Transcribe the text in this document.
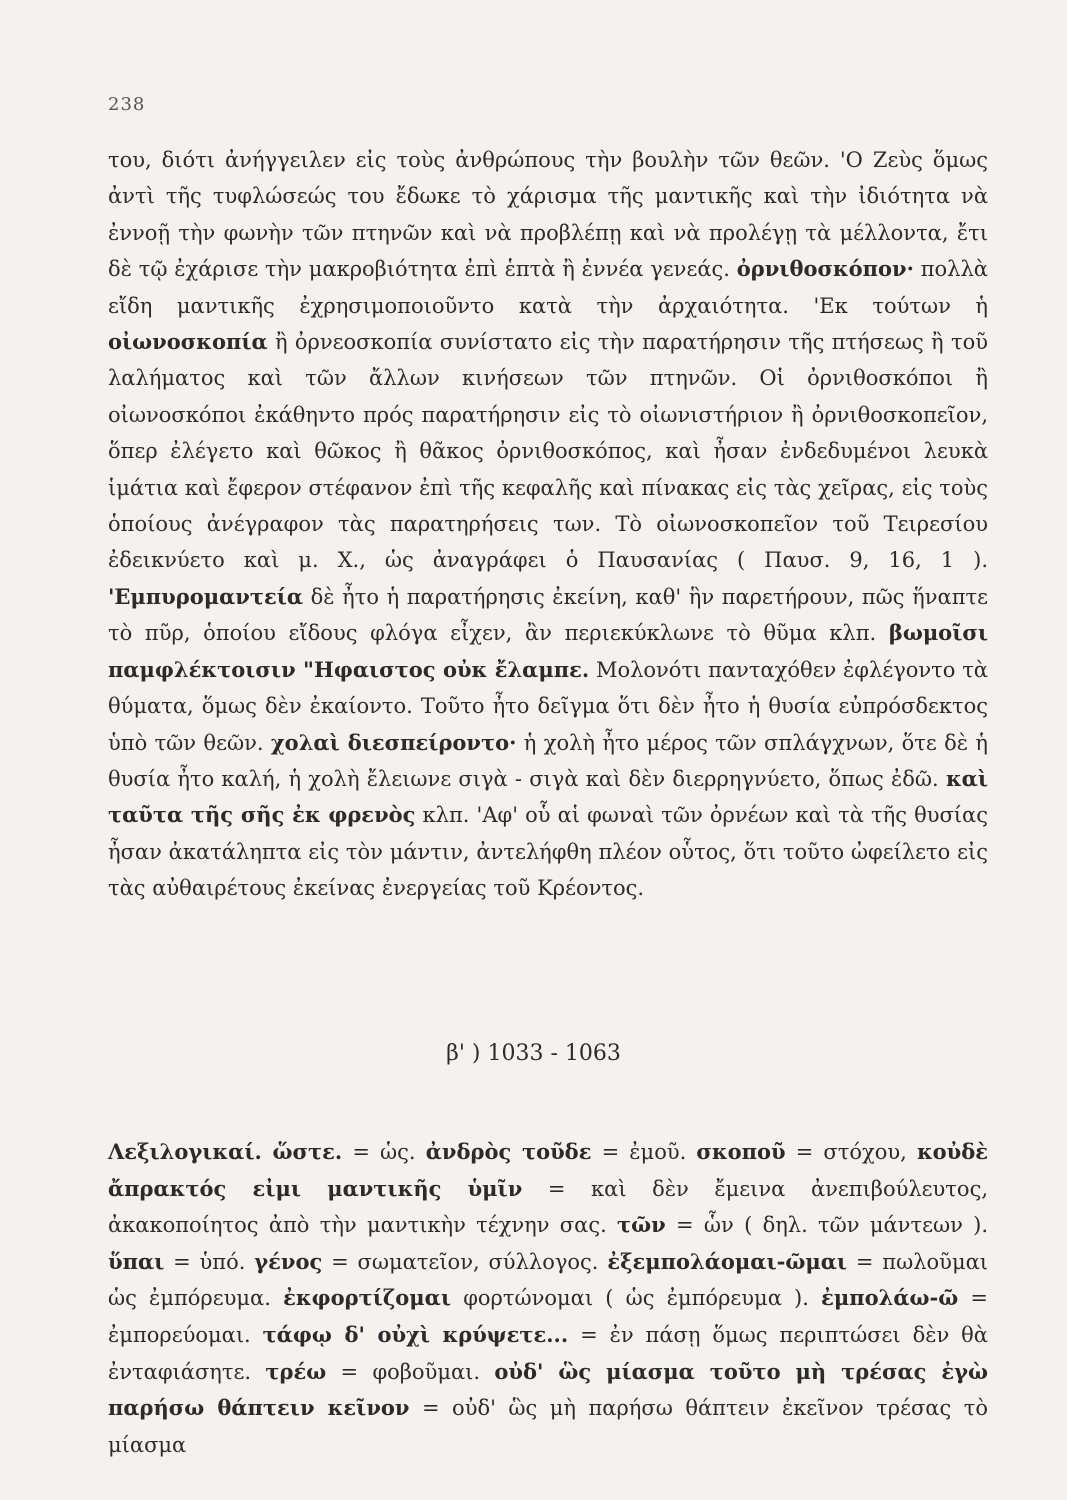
238

του, διότι ἀνήγγειλεν εἰς τοὺς ἀνθρώπους τὴν βουλὴν τῶν θεῶν. 'Ο Ζεὺς ὅμως ἀντὶ τῆς τυφλώσεώς του ἔδωκε τὸ χάρισμα τῆς μαντικῆς καὶ τὴν ἰδιότητα νὰ ἐννοῇ τὴν φωνὴν τῶν πτηνῶν καὶ νὰ προβλέπῃ καὶ νὰ προλέγῃ τὰ μέλλοντα, ἔτι δὲ τῷ ἐχάρισε τὴν μακροβιότητα ἐπὶ ἑπτὰ ἢ ἐννέα γενεάς. ὀρνιθοσκόπον· πολλὰ εἴδη μαντικῆς ἐχρησιμοποιοῦντο κατὰ τὴν ἀρχαιότητα. 'Εκ τούτων ἡ οἰωνοσκοπία ἢ ὀρνεοσκοπία συνίστατο εἰς τὴν παρατήρησιν τῆς πτήσεως ἢ τοῦ λαλήματος καὶ τῶν ἄλλων κινήσεων τῶν πτηνῶν. Οἱ ὀρνιθοσκόποι ἢ οἰωνοσκόποι ἐκάθηντο πρός παρατήρησιν εἰς τὸ οἰωνιστήριον ἢ ὀρνιθοσκοπεῖον, ὅπερ ἐλέγετο καὶ θῶκος ἢ θᾶκος ὀρνιθοσκόπος, καὶ ἦσαν ἐνδεδυμένοι λευκὰ ἱμάτια καὶ ἔφερον στέφανον ἐπὶ τῆς κεφαλῆς καὶ πίνακας εἰς τὰς χεῖρας, εἰς τοὺς ὁποίους ἀνέγραφον τὰς παρατηρήσεις των. Τὸ οἰωνοσκοπεῖον τοῦ Τειρεσίου ἐδεικνύετο καὶ μ. Χ., ὡς ἀναγράφει ὁ Παυσανίας ( Παυσ. 9, 16, 1 ). 'Εμπυρομαντεία δὲ ἦτο ἡ παρατήρησις ἐκείνη, καθ' ἣν παρετήρουν, πῶς ἥναπτε τὸ πῦρ, ὁποίου εἴδους φλόγα εἶχεν, ἂν περιεκύκλωνε τὸ θῦμα κλπ. βωμοῖσι παμφλέκτοισιν "Ηφαιστος οὐκ ἔλαμπε. Μολονότι πανταχόθεν ἐφλέγοντο τὰ θύματα, ὅμως δὲν ἐκαίοντο. Τοῦτο ἦτο δεῖγμα ὅτι δὲν ἦτο ἡ θυσία εὐπρόσδεκτος ὑπὸ τῶν θεῶν. χολαὶ διεσπείροντο· ἡ χολὴ ἦτο μέρος τῶν σπλάγχνων, ὅτε δὲ ἡ θυσία ἦτο καλή, ἡ χολὴ ἔλειωνε σιγὰ - σιγὰ καὶ δὲν διερρηγνύετο, ὅπως ἐδῶ. καὶ ταῦτα τῆς σῆς ἐκ φρενὸς κλπ. 'Αφ' οὗ αἱ φωναὶ τῶν ὀρνέων καὶ τὰ τῆς θυσίας ἦσαν ἀκατάληπτα εἰς τὸν μάντιν, ἀντελήφθη πλέον οὗτος, ὅτι τοῦτο ὠφείλετο εἰς τὰς αὐθαιρέτους ἐκείνας ἐνεργείας τοῦ Κρέοντος.

β' ) 1033 - 1063

Λεξιλογικαί. ὥστε. = ὡς. ἀνδρὸς τοῦδε = ἐμοῦ. σκοποῦ = στόχου, κοὐδὲ ἄπρακτός εἰμι μαντικῆς ὑμῖν = καὶ δὲν ἔμεινα ἀνεπιβούλευτος, ἀκακοποίητος ἀπὸ τὴν μαντικὴν τέχνην σας. τῶν = ὧν ( δηλ. τῶν μάντεων ). ὕπαι = ὑπό. γένος = σωματεῖον, σύλλογος. ἐξεμπολάομαι-ῶμαι = πωλοῦμαι ὡς ἐμπόρευμα. ἐκφορτίζομαι φορτώνομαι ( ὡς ἐμπόρευμα ). ἐμπολάω-ῶ = ἐμπορεύομαι. τάφῳ δ' οὐχὶ κρύψετε... = ἐν πάσῃ ὅμως περιπτώσει δὲν θὰ ἐνταφιάσητε. τρέω = φοβοῦμαι. οὐδ' ὣς μίασμα τοῦτο μὴ τρέσας ἐγὼ παρήσω θάπτειν κεῖνον = οὐδ' ὣς μὴ παρήσω θάπτειν ἐκεῖνον τρέσας τὸ μίασμα
